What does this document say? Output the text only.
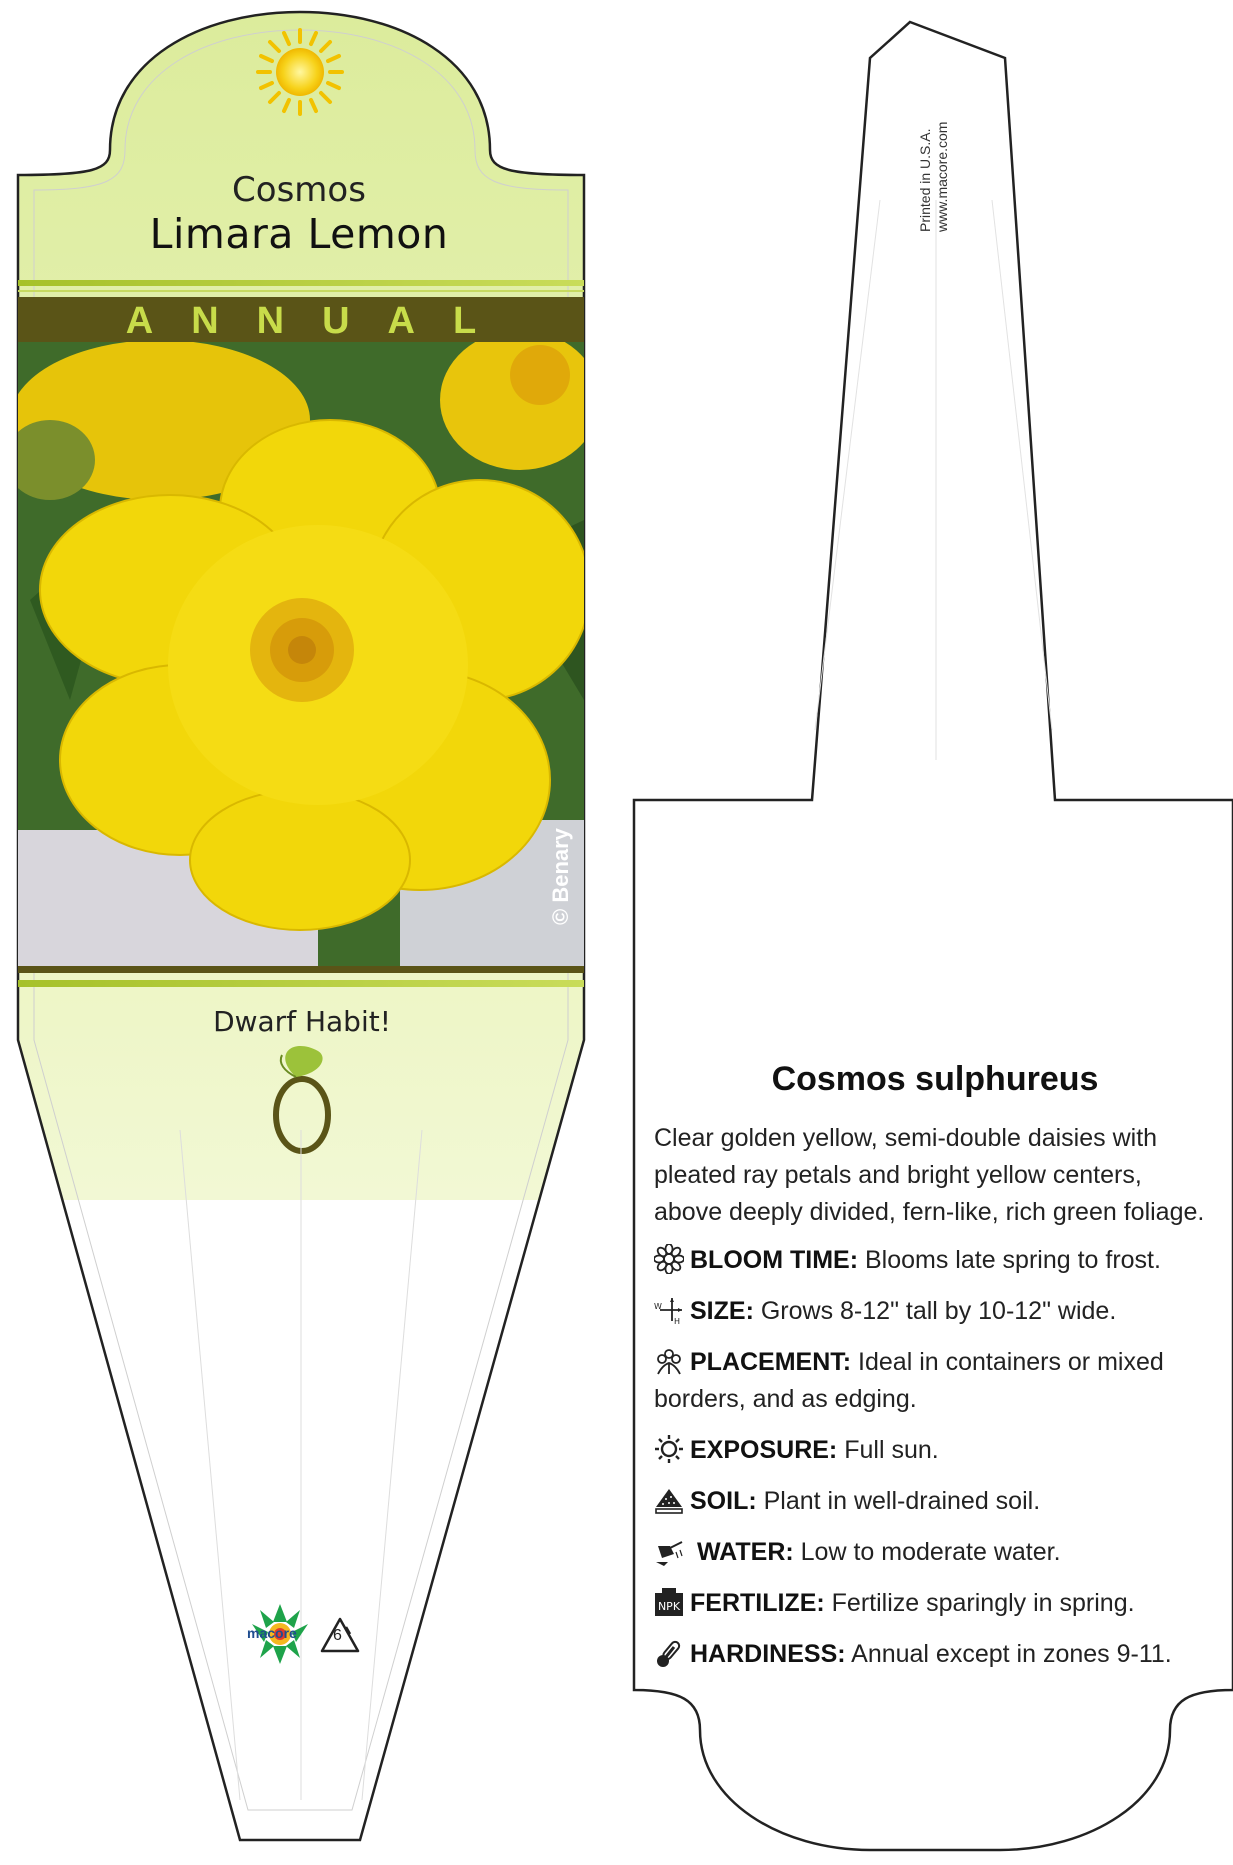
Cosmos
Limara Lemon
ANNUAL
© Benary
Dwarf Habit!
macore 6
Printed in U.S.A. www.macore.com
Cosmos sulphureus
Clear golden yellow, semi-double daisies with pleated ray petals and bright yellow centers, above deeply divided, fern-like, rich green foliage.
BLOOM TIME: Blooms late spring to frost.
W
H SIZE: Grows 8-12" tall by 10-12" wide.
PLACEMENT: Ideal in containers or mixed borders, and as edging.
EXPOSURE: Full sun.
SOIL: Plant in well-drained soil.
WATER: Low to moderate water.
NPK FERTILIZE: Fertilize sparingly in spring.
HARDINESS: Annual except in zones 9-11.
